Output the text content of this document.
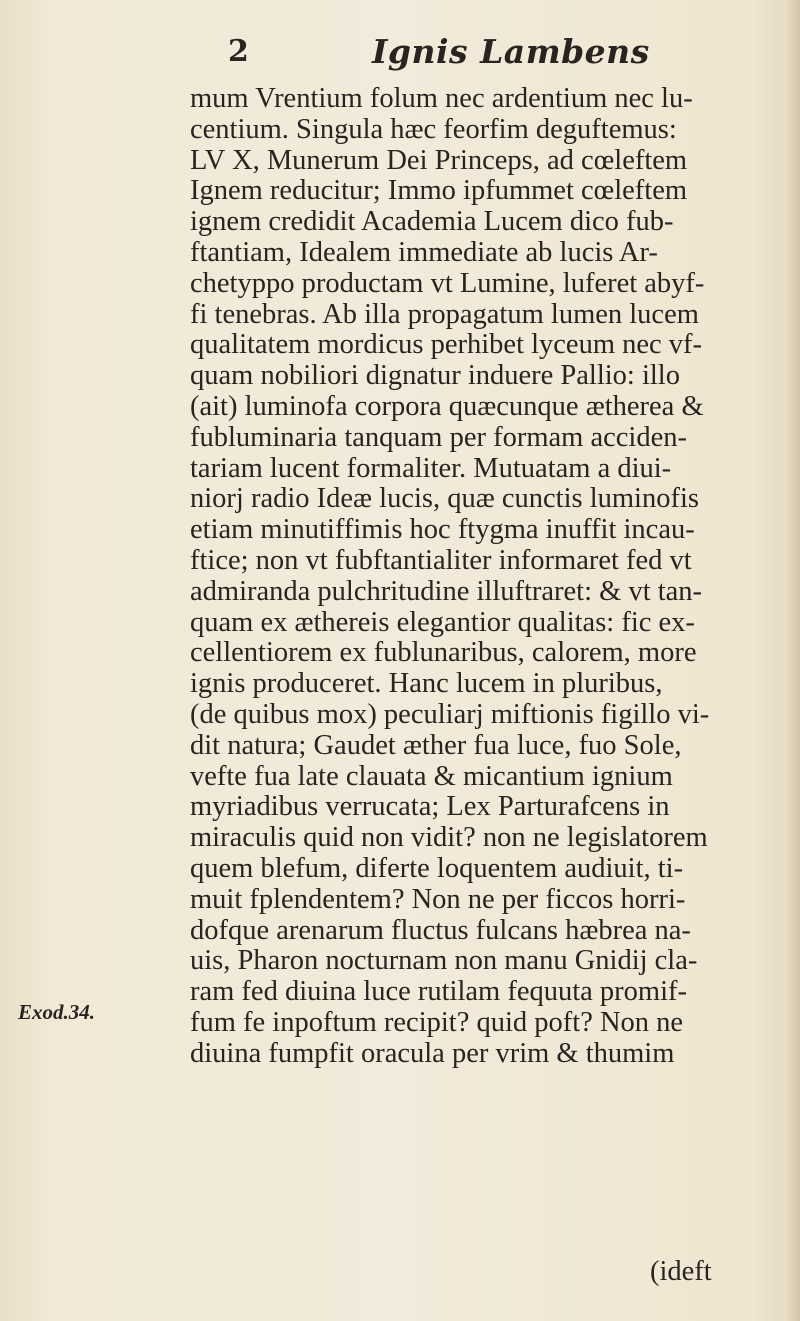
2	Ignis Lambens
mum Vrentium folum nec ardentium nec lu-
centium. Singula hæc feorfim deguftemus:
LV X, Munerum Dei Princeps, ad cœleftem
Ignem reducitur; Immo ipfummet cœleftem
ignem credidit Academia Lucem dico fub-
ftantiam, Idealem immediate ab lucis Ar-
chetyppo productam vt Lumine, luferet abyf-
fi tenebras. Ab illa propagatum lumen lucem
qualitatem mordicus perhibet lyceum nec vf-
quam nobiliori dignatur induere Pallio: illo
(ait) luminofa corpora quæcunque ætherea &
fubluminaria tanquam per formam acciden-
tariam lucent formaliter. Mutuatam a diui-
niorj radio Ideæ lucis, quæ cunctis luminofis
etiam minutiffimis hoc ftygma inuffit incau-
ftice; non vt fubftantialiter informaret fed vt
admiranda pulchritudine illuftraret: & vt tan-
quam ex æthereis elegantior qualitas: fic ex-
cellentiorem ex fublunaribus, calorem, more
ignis produceret. Hanc lucem in pluribus,
(de quibus mox) peculiarj miftionis figillo vi-
dit natura; Gaudet æther fua luce, fuo Sole,
vefte fua late clauata & micantium ignium
myriadibus verrucata; Lex Parturafcens in
miraculis quid non vidit? non ne legislatorem
quem blefum, diferte loquentem audiuit, ti-
muit fplendentem? Non ne per ficcos horri-
dofque arenarum fluctus fulcans hæbrea na-
uis, Pharon nocturnam non manu Gnidij cla-
ram fed diuina luce rutilam fequuta promif-
fum fe inpoftum recipit? quid poft? Non ne
diuina fumpfit oracula per vrim & thumim
Exod.34.
(ideft
